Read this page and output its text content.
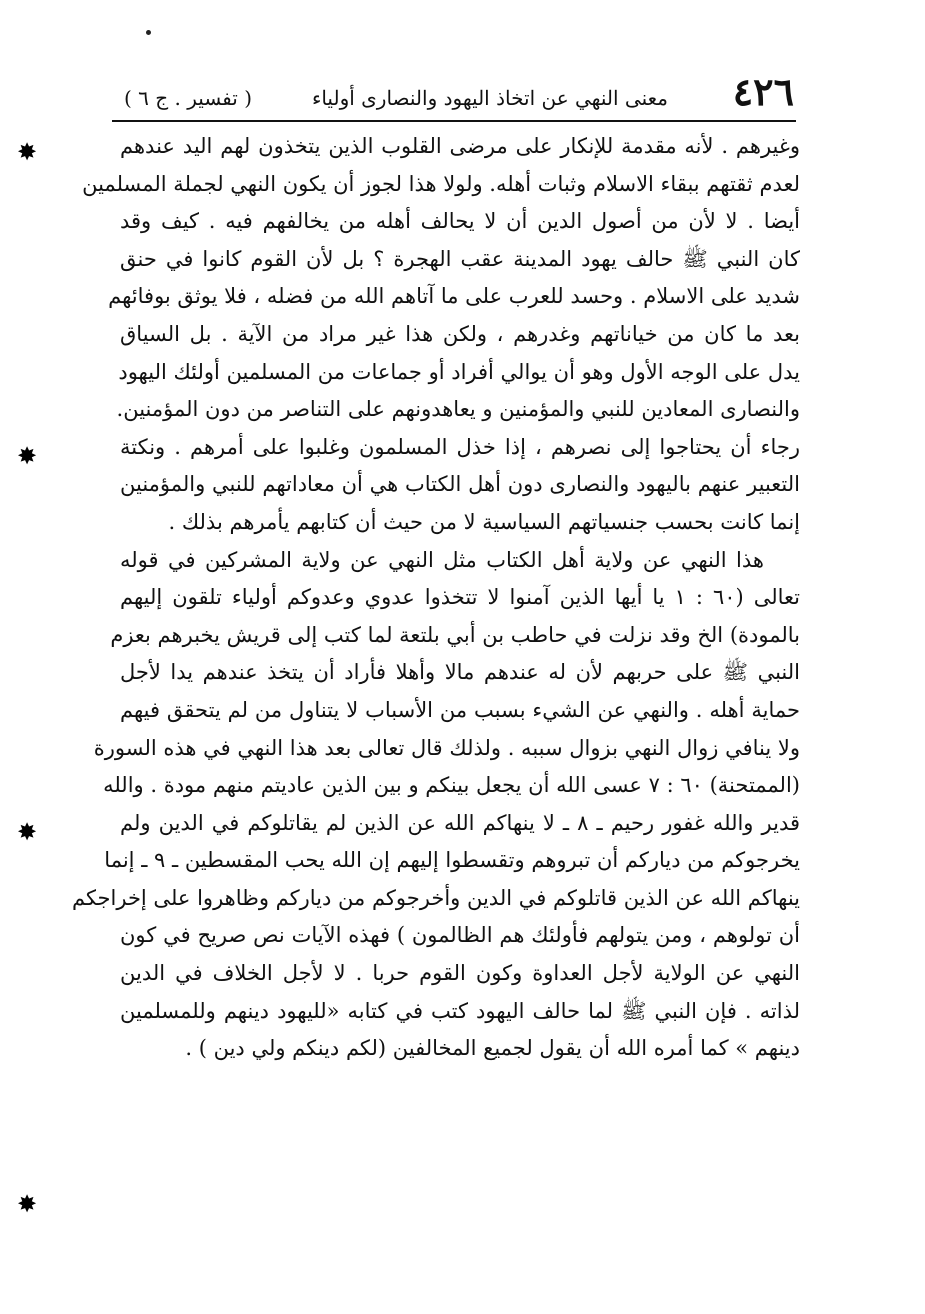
٤٢٦
معنى النهي عن اتخاذ اليهود والنصارى أولياء
( تفسير . ج ٦ )
وغيرهم . لأنه مقدمة للإنكار على مرضى القلوب الذين يتخذون لهم اليد عندهم
لعدم ثقتهم ببقاء الاسلام وثبات أهله. ولولا هذا لجوز أن يكون النهي لجملة المسلمين
أيضا . لا لأن من أصول الدين أن لا يحالف أهله من يخالفهم فيه . كيف وقد
كان النبي ﷺ حالف يهود المدينة عقب الهجرة ؟ بل لأن القوم كانوا في حنق
شديد على الاسلام . وحسد للعرب على ما آتاهم الله من فضله ، فلا يوثق بوفائهم
بعد ما كان من خياناتهم وغدرهم ، ولكن هذا غير مراد من الآية . بل السياق
يدل على الوجه الأول وهو أن يوالي أفراد أو جماعات من المسلمين أولئك اليهود
والنصارى المعادين للنبي والمؤمنين و يعاهدونهم على التناصر من دون المؤمنين.
رجاء أن يحتاجوا إلى نصرهم ، إذا خذل المسلمون وغلبوا على أمرهم . ونكتة
التعبير عنهم باليهود والنصارى دون أهل الكتاب هي أن معاداتهم للنبي والمؤمنين
إنما كانت بحسب جنسياتهم السياسية لا من حيث أن كتابهم يأمرهم بذلك .
هذا النهي عن ولاية أهل الكتاب مثل النهي عن ولاية المشركين في قوله
تعالى (٦٠ : ١ يا أيها الذين آمنوا لا تتخذوا عدوي وعدوكم أولياء تلقون إليهم
بالمودة) الخ وقد نزلت في حاطب بن أبي بلتعة لما كتب إلى قريش يخبرهم بعزم
النبي ﷺ على حربهم لأن له عندهم مالا وأهلا فأراد أن يتخذ عندهم يدا لأجل
حماية أهله . والنهي عن الشيء بسبب من الأسباب لا يتناول من لم يتحقق فيهم
ولا ينافي زوال النهي بزوال سببه . ولذلك قال تعالى بعد هذا النهي في هذه السورة
(الممتحنة) ٦٠ : ٧ عسى الله أن يجعل بينكم و بين الذين عاديتم منهم مودة . والله
قدير والله غفور رحيم ـ ٨ ـ لا ينهاكم الله عن الذين لم يقاتلوكم في الدين ولم
يخرجوكم من دياركم أن تبروهم وتقسطوا إليهم إن الله يحب المقسطين ـ ٩ ـ إنما
ينهاكم الله عن الذين قاتلوكم في الدين وأخرجوكم من دياركم وظاهروا على إخراجكم
أن تولوهم ، ومن يتولهم فأولئك هم الظالمون ) فهذه الآيات نص صريح في كون
النهي عن الولاية لأجل العداوة وكون القوم حربا . لا لأجل الخلاف في الدين
لذاته . فإن النبي ﷺ لما حالف اليهود كتب في كتابه «لليهود دينهم وللمسلمين
دينهم » كما أمره الله أن يقول لجميع المخالفين (لكم دينكم ولي دين ) .
✸
✸
✸
✸
